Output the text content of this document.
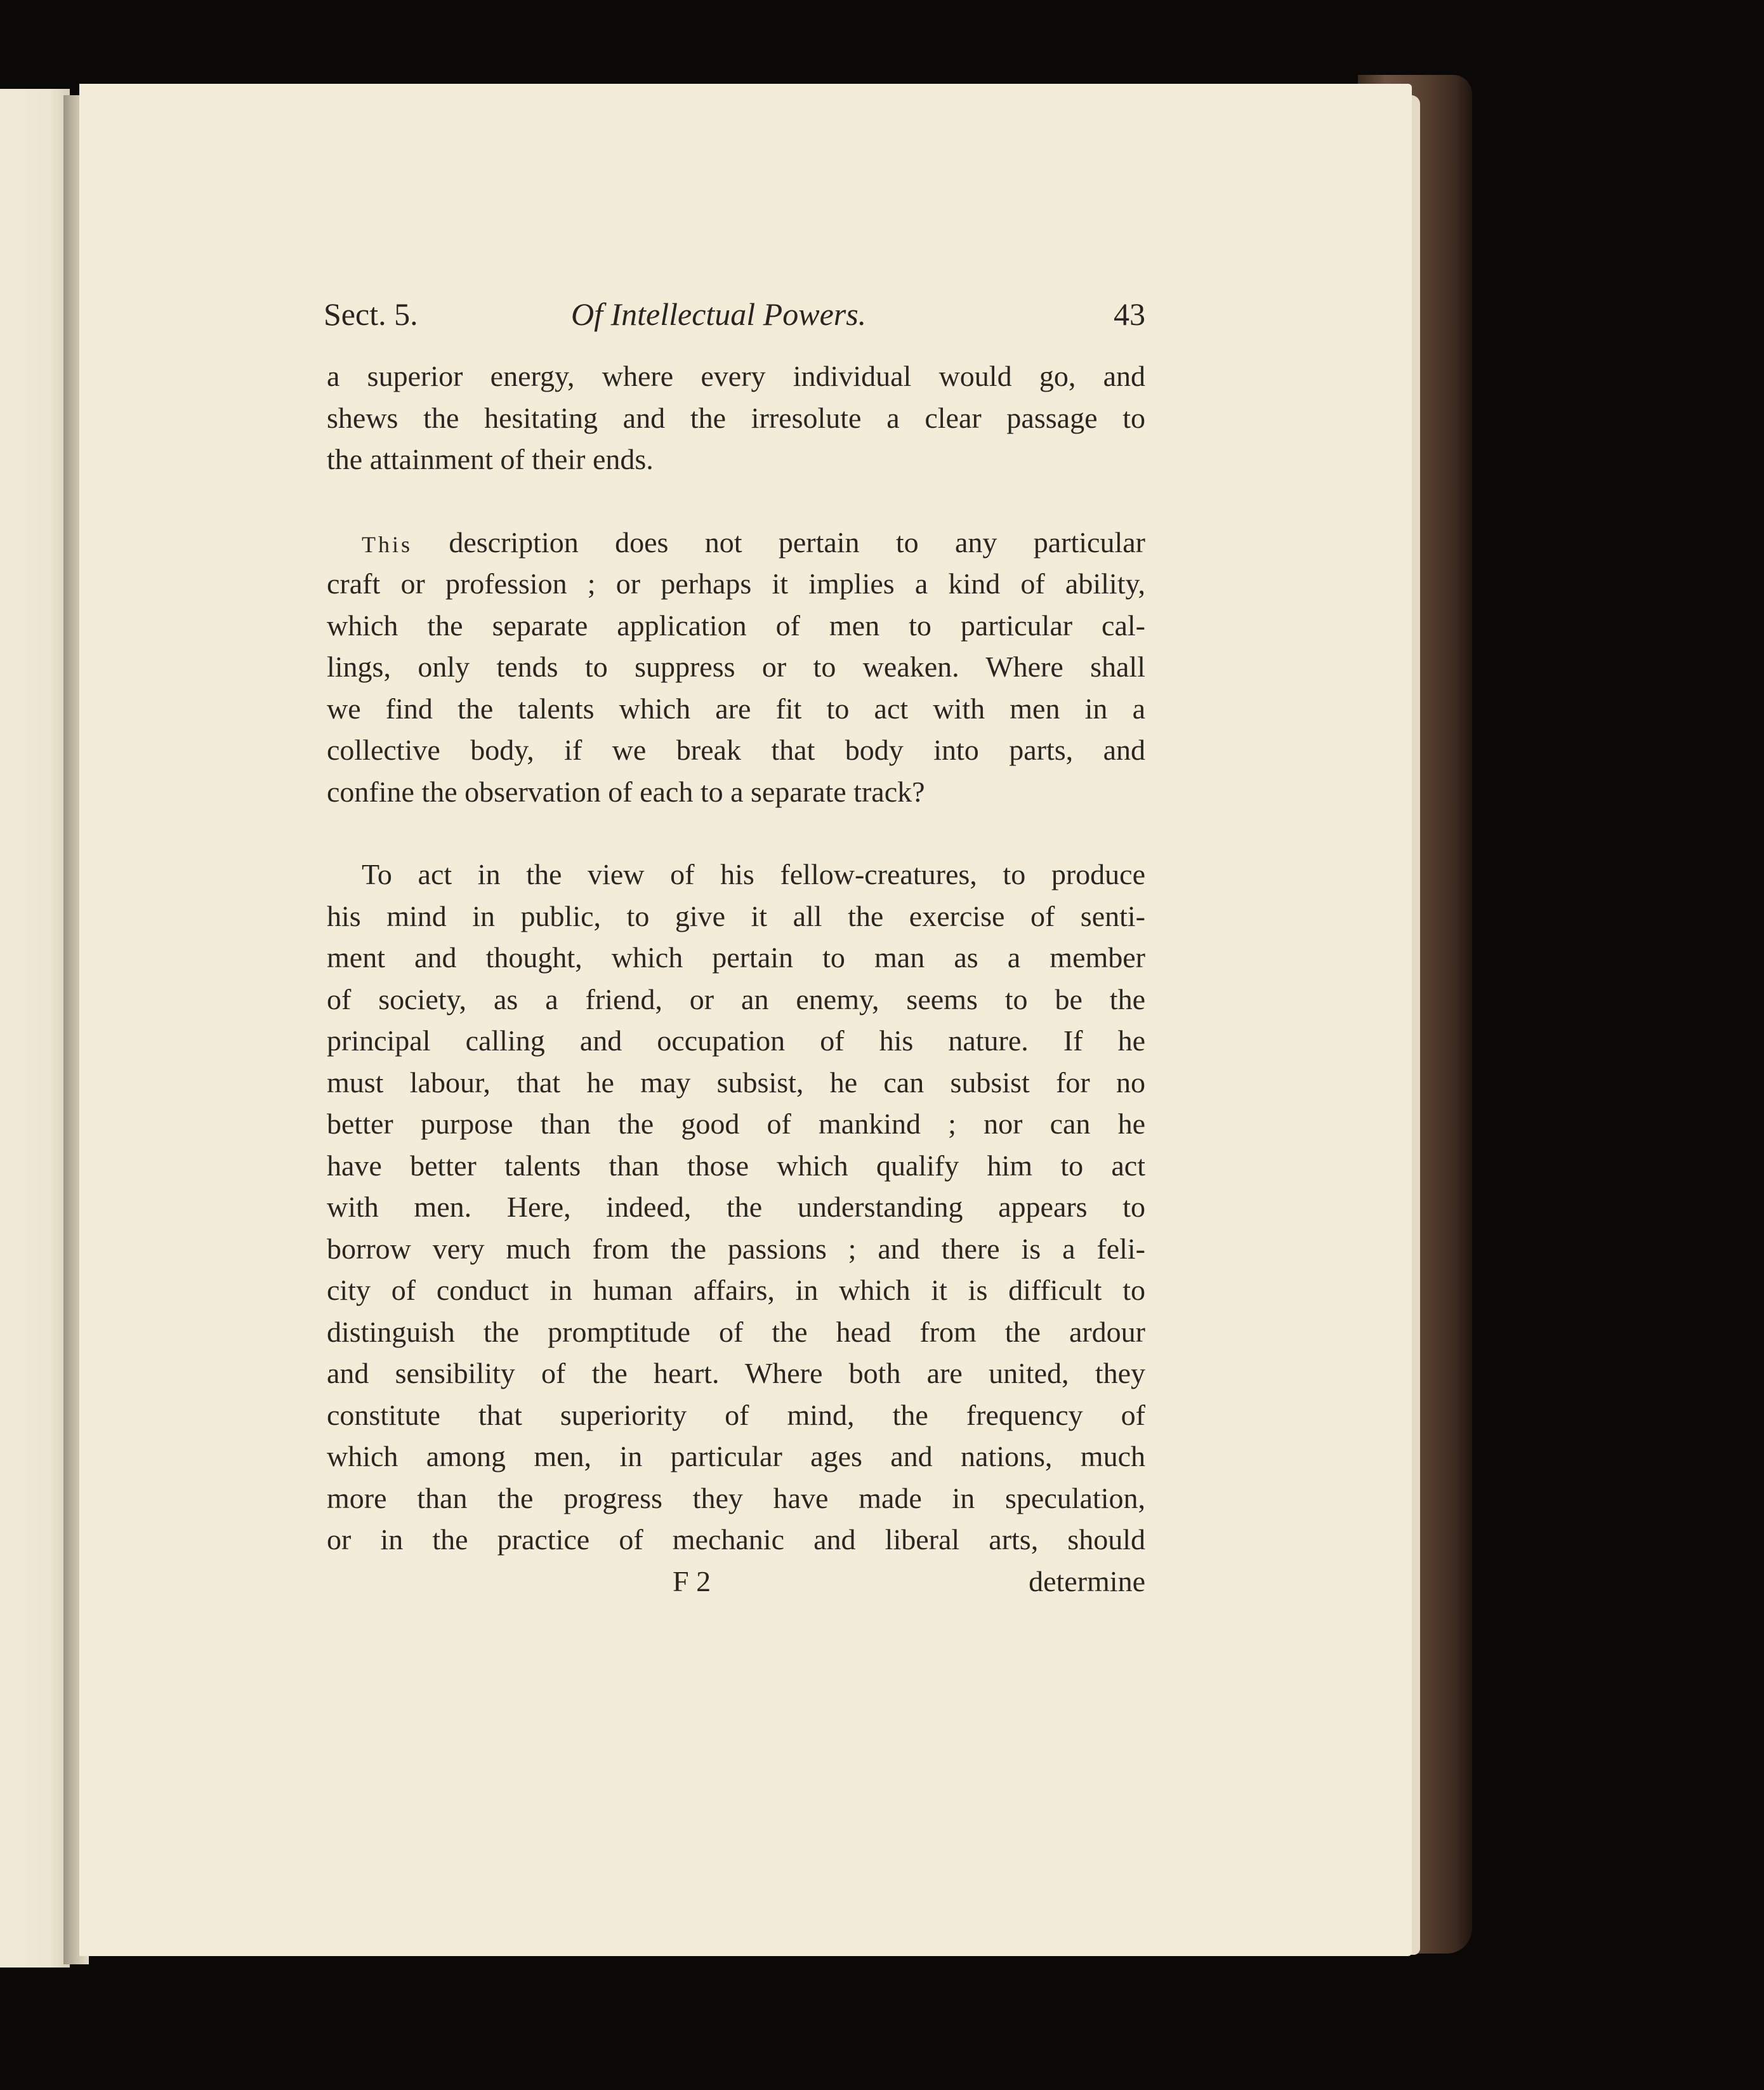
Sect. 5.	Of Intellectual Powers.	43
a superior energy, where every individual would go, and
shews the hesitating and the irresolute a clear passage to
the attainment of their ends.
This description does not pertain to any particular
craft or profession ; or perhaps it implies a kind of ability,
which the separate application of men to particular cal-
lings, only tends to suppress or to weaken. Where shall
we find the talents which are fit to act with men in a
collective body, if we break that body into parts, and
confine the observation of each to a separate track?
To act in the view of his fellow-creatures, to produce
his mind in public, to give it all the exercise of senti-
ment and thought, which pertain to man as a member
of society, as a friend, or an enemy, seems to be the
principal calling and occupation of his nature. If he
must labour, that he may subsist, he can subsist for no
better purpose than the good of mankind ; nor can he
have better talents than those which qualify him to act
with men. Here, indeed, the understanding appears to
borrow very much from the passions ; and there is a feli-
city of conduct in human affairs, in which it is difficult to
distinguish the promptitude of the head from the ardour
and sensibility of the heart. Where both are united, they
constitute that superiority of mind, the frequency of
which among men, in particular ages and nations, much
more than the progress they have made in speculation,
or in the practice of mechanic and liberal arts, should
F 2	determine
